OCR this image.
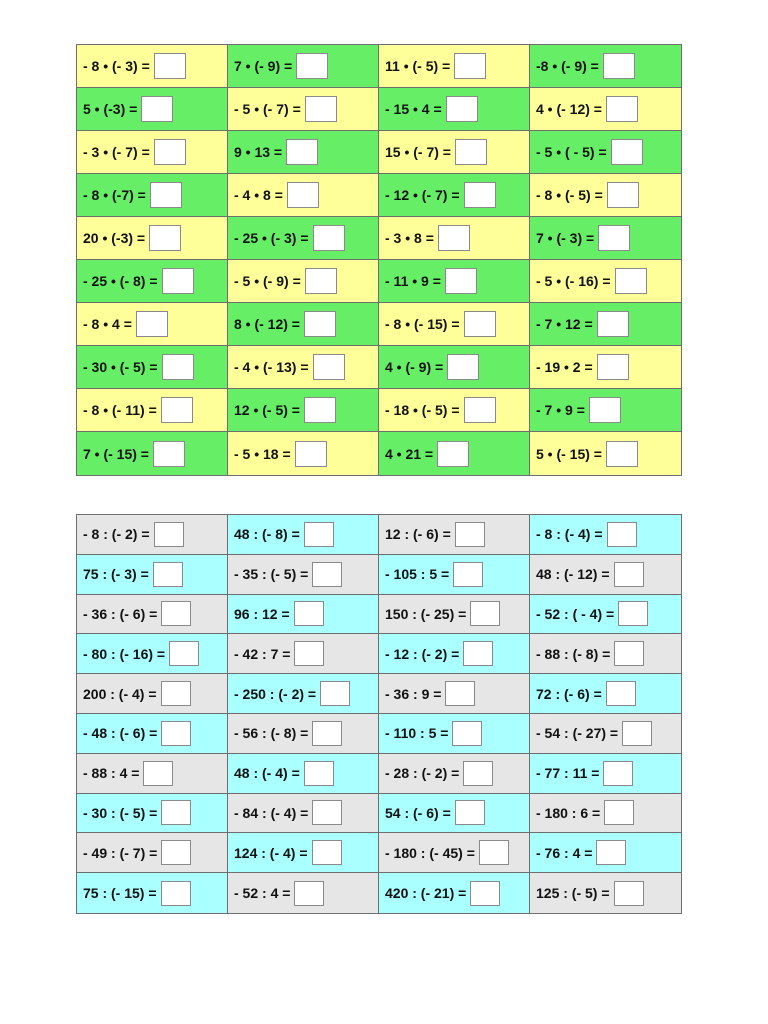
- 8 • (- 3) =	7 • (- 9) =	11 • (- 5) =	-8 • (- 9) =
5 • (-3) =	- 5 • (- 7) =	- 15 • 4 =	4 • (- 12) =
- 3 • (- 7) =	9 • 13 =	15 • (- 7) =	- 5 • ( - 5) =
- 8 • (-7) =	- 4 • 8 =	- 12 • (- 7) =	- 8 • (- 5) =
20 • (-3) =	- 25 • (- 3) =	- 3 • 8 =	7 • (- 3) =
- 25 • (- 8) =	- 5 • (- 9) =	- 11 • 9 =	- 5 • (- 16) =
- 8 • 4 =	8 • (- 12) =	- 8 • (- 15) =	- 7 • 12 =
- 30 • (- 5) =	- 4 • (- 13) =	4 • (- 9) =	- 19 • 2 =
- 8 • (- 11) =	12 • (- 5) =	- 18 • (- 5) =	- 7 • 9 =
7 • (- 15) =	- 5 • 18 =	4 • 21 =	5 • (- 15) =
- 8 : (- 2) =	48 : (- 8) =	12 : (- 6) =	- 8 : (- 4) =
75 : (- 3) =	- 35 : (- 5) =	- 105 : 5 =	48 : (- 12) =
- 36 : (- 6) =	96 : 12 =	150 : (- 25) =	- 52 : ( - 4) =
- 80 : (- 16) =	- 42 : 7 =	- 12 : (- 2) =	- 88 : (- 8) =
200 : (- 4) =	- 250 : (- 2) =	- 36 : 9 =	72 : (- 6) =
- 48 : (- 6) =	- 56 : (- 8) =	- 110 : 5 =	- 54 : (- 27) =
- 88 : 4 =	48 : (- 4) =	- 28 : (- 2) =	- 77 : 11 =
- 30 : (- 5) =	- 84 : (- 4) =	54 : (- 6) =	- 180 : 6 =
- 49 : (- 7) =	124 : (- 4) =	- 180 : (- 45) =	- 76 : 4 =
75 : (- 15) =	- 52 : 4 =	420 : (- 21) =	125 : (- 5) =
